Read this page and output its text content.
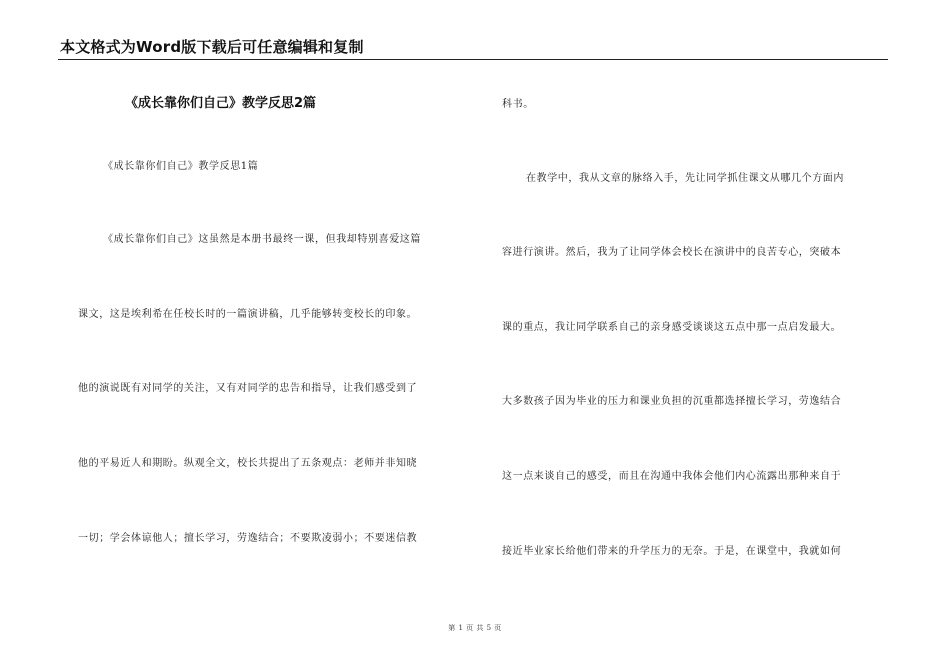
本文格式为Word版下载后可任意编辑和复制
《成长靠你们自己》教学反思2篇
《成长靠你们自己》教学反思1篇
《成长靠你们自己》这虽然是本册书最终一课，但我却特别喜爱这篇
课文，这是埃利希在任校长时的一篇演讲稿，几乎能够转变校长的印象。
他的演说既有对同学的关注，又有对同学的忠告和指导，让我们感受到了
他的平易近人和期盼。纵观全文，校长共提出了五条观点：老师并非知晓
一切；学会体谅他人；擅长学习，劳逸结合；不要欺凌弱小；不要迷信教
科书。
在教学中，我从文章的脉络入手，先让同学抓住课文从哪几个方面内
容进行演讲。然后，我为了让同学体会校长在演讲中的良苦专心，突破本
课的重点，我让同学联系自己的亲身感受谈谈这五点中那一点启发最大。
大多数孩子因为毕业的压力和课业负担的沉重都选择擅长学习，劳逸结合
这一点来谈自己的感受，而且在沟通中我体会他们内心流露出那种来自于
接近毕业家长给他们带来的升学压力的无奈。于是，在课堂中，我就如何
第 1 页 共 5 页
